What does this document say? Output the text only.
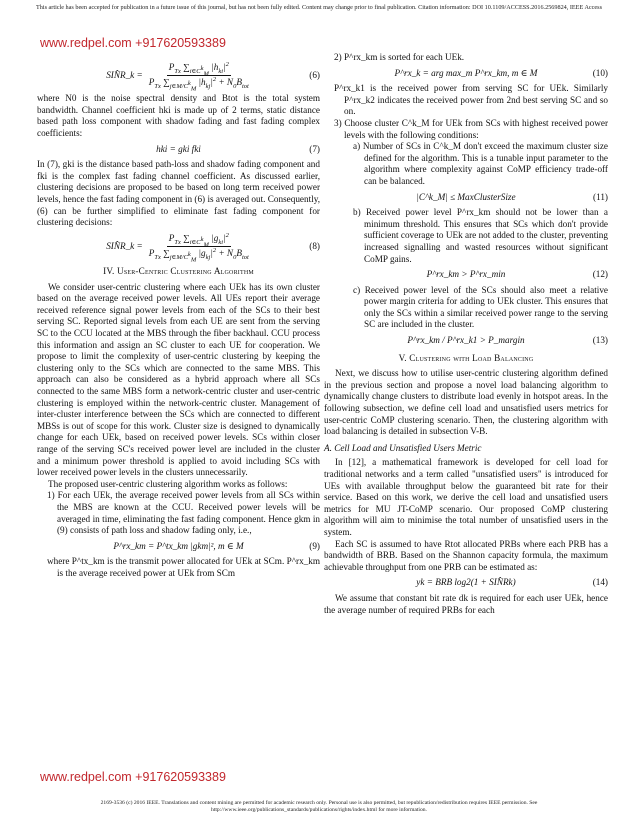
This article has been accepted for publication in a future issue of this journal, but has not been fully edited. Content may change prior to final publication. Citation information: DOI 10.1109/ACCESS.2016.2569824, IEEE Access
www.redpel.com +917620593389
SIN̂R_k = $\frac{P_{Tx} \sum_{i\in C^k_M} |h_{ki}|^2}{P_{Tx} \sum_{j\in M/C^k_M} |h_{kj}|^2 + N_0B_{tot}}$	(6)

where N0 is the noise spectral density and Btot is the total system bandwidth. Channel coefficient hki is made up of 2 terms, static distance based path loss component with shadow fading and fast fading complex coefficients:

hki = gki fki	(7)

In (7), gki is the distance based path-loss and shadow fading component and fki is the complex fast fading channel coefficient. As discussed earlier, clustering decisions are proposed to be based on long term received power levels, hence the fast fading component in (6) is averaged out. Consequently, (6) can be further simplified to eliminate fast fading component for clustering decisions:

SIN̂R_k = $\frac{P_{Tx} \sum_{i\in C^k_M} |g_{ki}|^2}{P_{Tx} \sum_{j\in M/C^k_M} |g_{kj}|^2 + N_0B_{tot}}$	(8)
IV. User-Centric Clustering Algorithm

We consider user-centric clustering where each UEk has its own cluster based on the average received power levels. All UEs report their average received reference signal power levels from each of the SCs to their best serving SC. Reported signal levels from each UE are sent from the serving SC to the CCU located at the MBS through the fiber backhaul. CCU process this information and assign an SC cluster to each UE for cooperation. We propose to limit the complexity of user-centric clustering by keeping the clustering only to the SCs which are connected to the same MBS. This approach can also be considered as a hybrid approach where all SCs connected to the same MBS form a network-centric cluster and user-centric clustering is employed within the network-centric cluster. Management of inter-cluster interference between the SCs which are connected to different MBSs is out of scope for this work. Cluster size is designed to dynamically change for each UEk, based on received power levels. SCs within closer range of the serving SC's received power level are included in the cluster and a minimum power threshold is applied to avoid including SCs with lower received power levels in the clusters unnecessarily.

The proposed user-centric clustering algorithm works as follows:

1) For each UEk, the average received power levels from all SCs within the MBS are known at the CCU. Received power levels will be averaged in time, eliminating the fast fading component. Hence gkm in (9) consists of path loss and shadow fading only, i.e.,

P^rx_km = P^tx_km |gkm|², m ∈ M	(9)

where P^tx_km is the transmit power allocated for UEk at SCm. P^rx_km is the average received power at UEk from SCm

2) P^rx_km is sorted for each UEk.

P^rx_k = arg max_m P^rx_km, m ∈ M	(10)

P^rx_k1 is the received power from serving SC for UEk. Similarly P^rx_k2 indicates the received power from 2nd best serving SC and so on.

3) Choose cluster C^k_M for UEk from SCs with highest received power levels with the following conditions:

a) Number of SCs in C^k_M don't exceed the maximum cluster size defined for the algorithm. This is a tunable input parameter to the algorithm where complexity against CoMP efficiency trade-off can be balanced.

|C^k_M| ≤ MaxClusterSize	(11)

b) Received power level P^rx_km should not be lower than a minimum threshold. This ensures that SCs which don't provide sufficient coverage to UEk are not added to the cluster, preventing increased signalling and wasted resources without significant CoMP gains.

P^rx_km > P^rx_min	(12)

c) Received power level of the SCs should also meet a relative power margin criteria for adding to UEk cluster. This ensures that only the SCs within a similar received power range to the serving SC are included in the cluster.

P^rx_km / P^rx_k1 > P_margin	(13)
V. Clustering with Load Balancing

Next, we discuss how to utilise user-centric clustering algorithm defined in the previous section and propose a novel load balancing algorithm to dynamically change clusters to distribute load evenly in hotspot areas. In the following subsection, we define cell load and unsatisfied users metrics for user-centric CoMP clustering scenario. Then, the clustering algorithm with load balancing is detailed in subsection V-B.

A. Cell Load and Unsatisfied Users Metric

In [12], a mathematical framework is developed for cell load for traditional networks and a term called "unsatisfied users" is introduced for UEs with available throughput below the guaranteed bit rate for their service. Based on this work, we derive the cell load and unsatisfied users metrics for MU JT-CoMP scenario. Our proposed CoMP clustering algorithm will aim to minimise the total number of unsatisfied users in the system.

Each SC is assumed to have Rtot allocated PRBs where each PRB has a bandwidth of BRB. Based on the Shannon capacity formula, the maximum achievable throughput from one PRB can be estimated as:

yk = BRB log2(1 + SIN̂Rk)	(14)

We assume that constant bit rate dk is required for each user UEk, hence the average number of required PRBs for each

www.redpel.com +917620593389
2169-3536 (c) 2016 IEEE. Translations and content mining are permitted for academic research only. Personal use is also permitted, but republication/redistribution requires IEEE permission. See http://www.ieee.org/publications_standards/publications/rights/index.html for more information.
